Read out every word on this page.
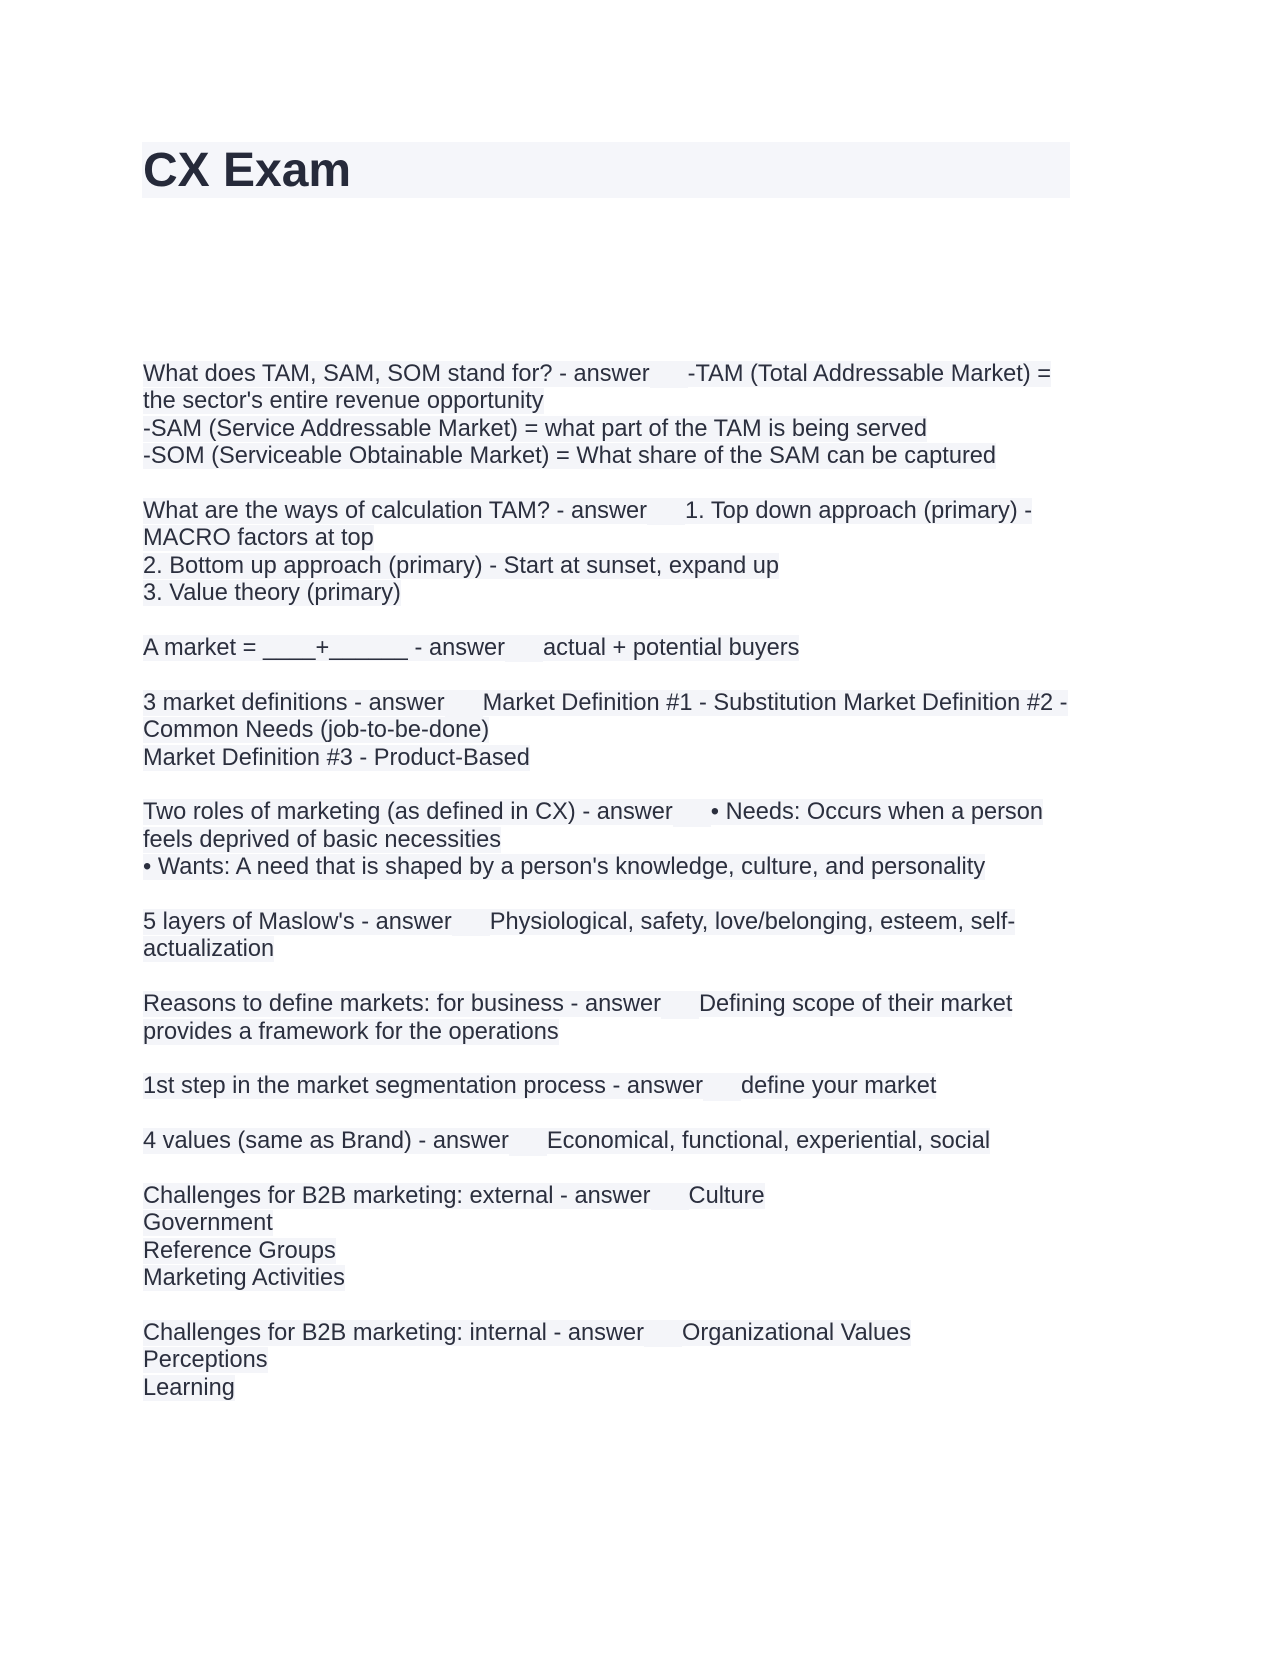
CX Exam

What does TAM, SAM, SOM stand for? - answer -TAM (Total Addressable Market) = the sector's entire revenue opportunity
-SAM (Service Addressable Market) = what part of the TAM is being served
-SOM (Serviceable Obtainable Market) = What share of the SAM can be captured

What are the ways of calculation TAM? - answer 1. Top down approach (primary) - MACRO factors at top
2. Bottom up approach (primary) - Start at sunset, expand up
3. Value theory (primary)

A market = ____+______ - answer actual + potential buyers

3 market definitions - answer Market Definition #1 - Substitution Market Definition #2 - Common Needs (job-to-be-done)
Market Definition #3 - Product-Based

Two roles of marketing (as defined in CX) - answer • Needs: Occurs when a person feels deprived of basic necessities
• Wants: A need that is shaped by a person's knowledge, culture, and personality

5 layers of Maslow's - answer Physiological, safety, love/belonging, esteem, self-actualization

Reasons to define markets: for business - answer Defining scope of their market provides a framework for the operations

1st step in the market segmentation process - answer define your market

4 values (same as Brand) - answer Economical, functional, experiential, social

Challenges for B2B marketing: external - answer Culture
Government
Reference Groups
Marketing Activities

Challenges for B2B marketing: internal - answer Organizational Values
Perceptions
Learning
